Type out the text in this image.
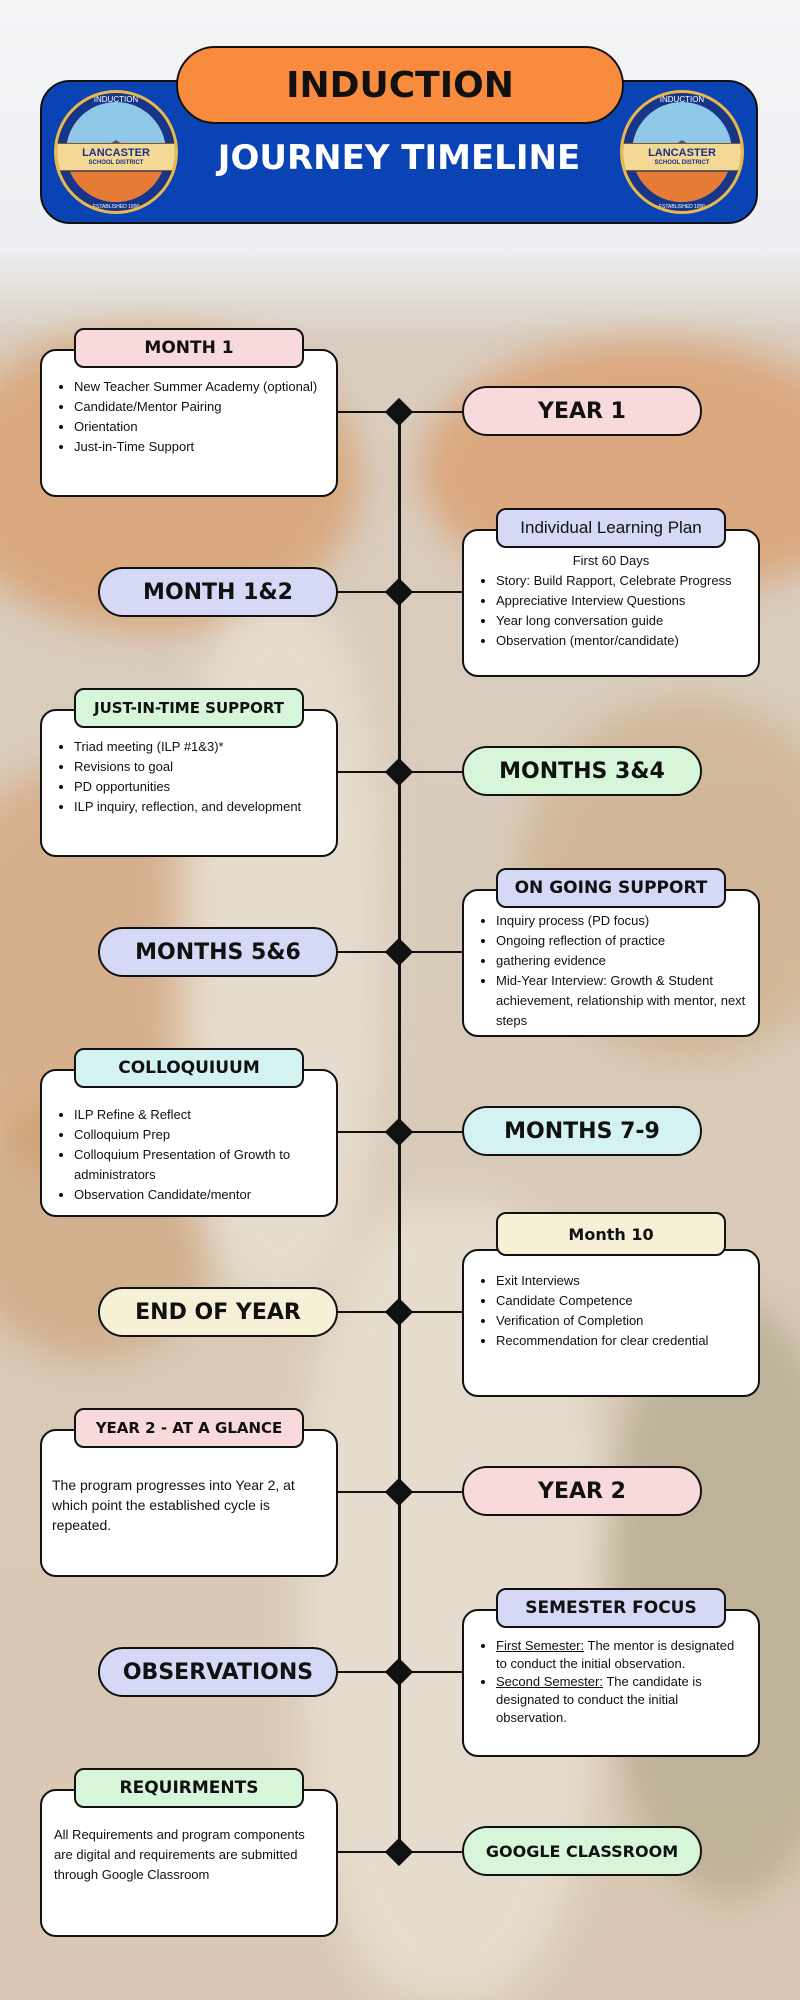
JOURNEY TIMELINE
INDUCTION
LANCASTER
SCHOOL DISTRICT
ESTABLISHED 1890
INDUCTION
LANCASTER
SCHOOL DISTRICT
ESTABLISHED 1890
INDUCTION
• New Teacher Summer Academy (optional)
• Candidate/Mentor Pairing
• Orientation
• Just-in-Time Support
MONTH 1
YEAR 1
MONTH 1&2

First 60 Days

• Story: Build Rapport, Celebrate Progress
• Appreciative Interview Questions
• Year long conversation guide
• Observation (mentor/candidate)
Individual Learning Plan
• Triad meeting (ILP #1&3)*
• Revisions to goal
• PD opportunities
• ILP inquiry, reflection, and development
JUST-IN-TIME SUPPORT
MONTHS 3&4
MONTHS 5&6
• Inquiry process (PD focus)
• Ongoing reflection of practice
• gathering evidence
• Mid-Year Interview: Growth & Student achievement, relationship with mentor, next steps
ON GOING SUPPORT
• ILP Refine & Reflect
• Colloquium Prep
• Colloquium Presentation of Growth to administrators
• Observation Candidate/mentor
COLLOQUIUUM
MONTHS 7-9
END OF YEAR
• Exit Interviews
• Candidate Competence
• Verification of Completion
• Recommendation for clear credential
Month 10

The program progresses into Year 2, at which point the established cycle is repeated.

YEAR 2 - AT A GLANCE
YEAR 2
OBSERVATIONS
• First Semester: The mentor is designated to conduct the initial observation.
• Second Semester: The candidate is designated to conduct the initial observation.
SEMESTER FOCUS

All Requirements and program components are digital and requirements are submitted through Google Classroom

REQUIRMENTS
GOOGLE CLASSROOM
